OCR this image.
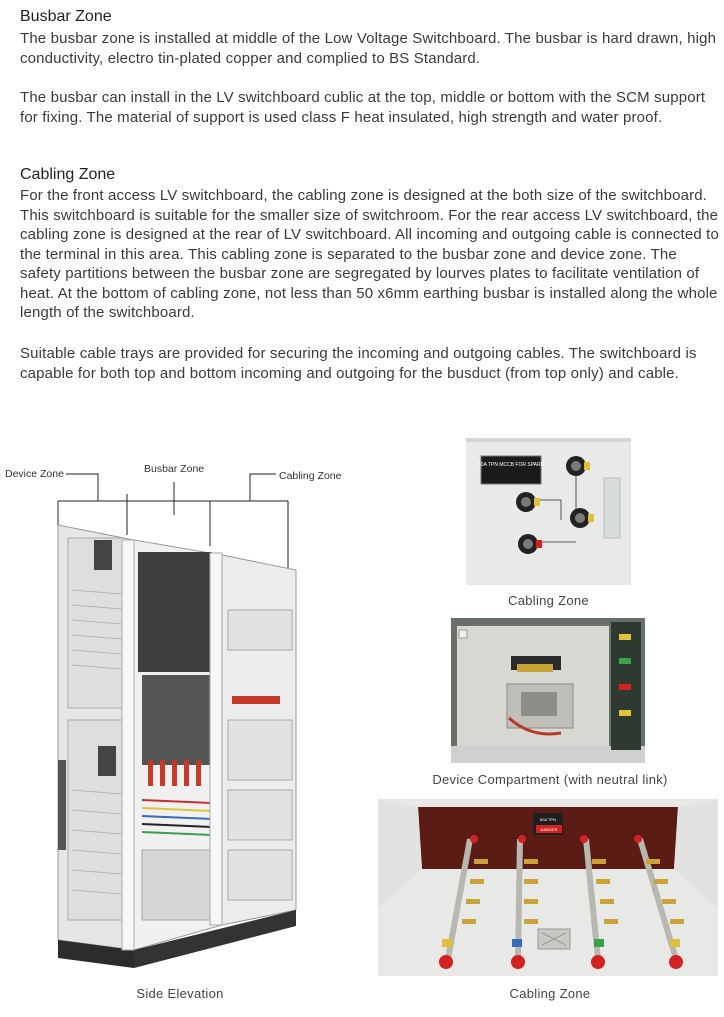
Busbar Zone

The busbar zone is installed at middle of the Low Voltage Switchboard. The busbar is hard drawn, high conductivity, electro tin-plated copper and complied to BS Standard.

The busbar can install in the LV switchboard cublic at the top, middle or bottom with the SCM support for fixing. The material of support is used class F heat insulated, high strength and water proof.

Cabling Zone

For the front access LV switchboard, the cabling zone is designed at the both size of the switchboard. This switchboard is suitable for the smaller size of switchroom. For the rear access LV switchboard, the cabling zone is designed at the rear of LV switchboard. All incoming and outgoing cable is connected to the terminal in this area. This cabling zone is separated to the busbar zone and device zone. The safety partitions between the busbar zone are segregated by lourves plates to facilitate ventilation of heat. At the bottom of cabling zone, not less than 50 x6mm earthing busbar is installed along the whole length of the switchboard.

Suitable cable trays are provided for securing the incoming and outgoing cables. The switchboard is capable for both top and bottom incoming and outgoing for the busduct (from top only) and cable.

Device Zone	Busbar Zone
Cabling Zone
Side Elevation
80A TPN MCCB FOR SPARE
Cabling Zone
Device Compartment (with neutral link)
80A TPN
DANGER
Cabling Zone
